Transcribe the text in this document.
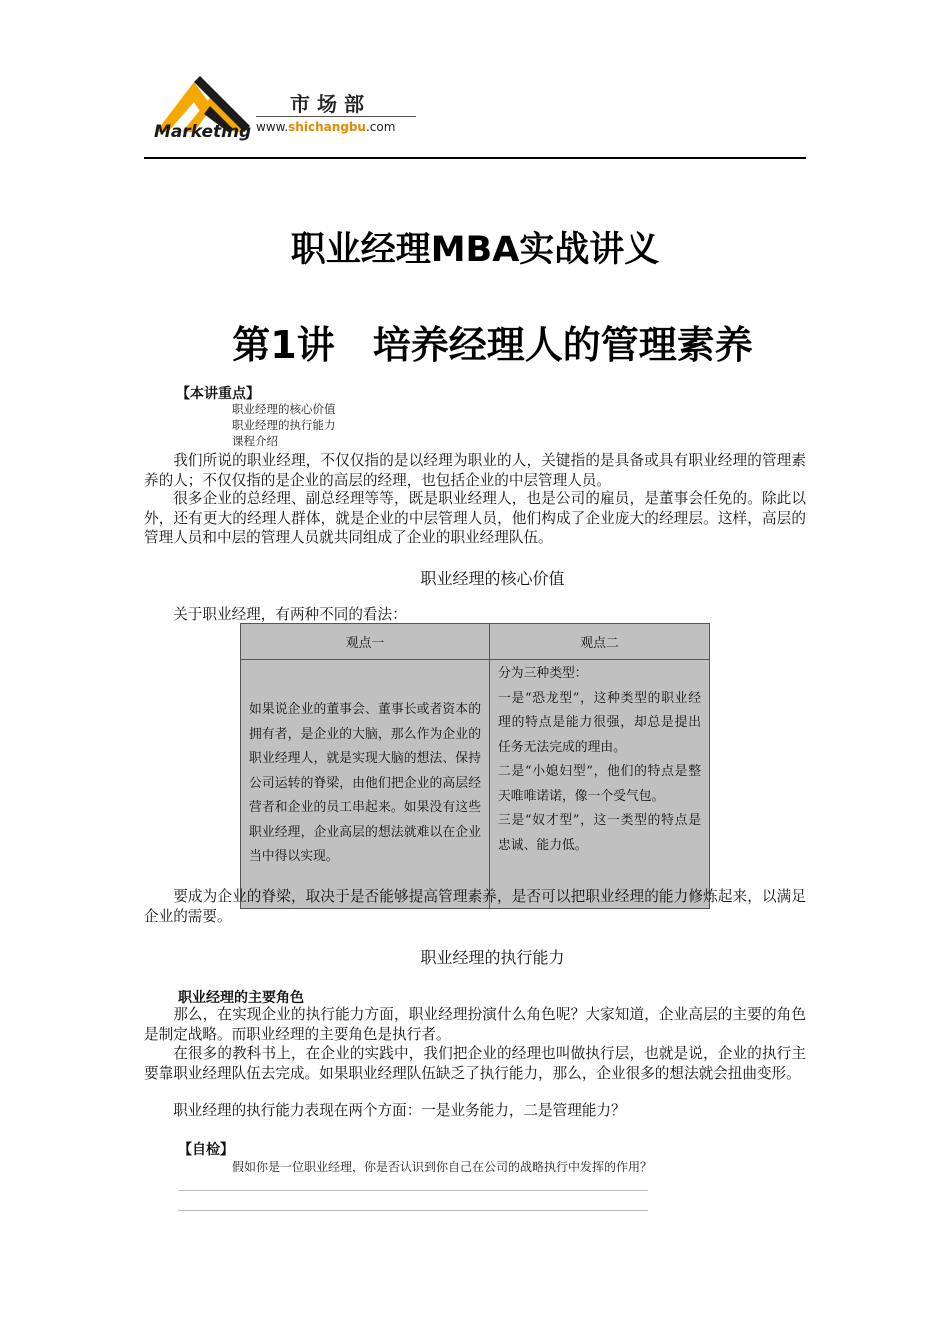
Marketing
市场部
www.shichangbu.com
职业经理MBA实战讲义
第1讲　培养经理人的管理素养
【本讲重点】
职业经理的核心价值
职业经理的执行能力
课程介绍

我们所说的职业经理，不仅仅指的是以经理为职业的人，关键指的是具备或具有职业经理的管理素养的人；不仅仅指的是企业的高层的经理，也包括企业的中层管理人员。

很多企业的总经理、副总经理等等，既是职业经理人，也是公司的雇员，是董事会任免的。除此以外，还有更大的经理人群体，就是企业的中层管理人员，他们构成了企业庞大的经理层。这样，高层的管理人员和中层的管理人员就共同组成了企业的职业经理队伍。

职业经理的核心价值

关于职业经理，有两种不同的看法：

观点一	观点二
如果说企业的董事会、董事长或者资本的拥有者，是企业的大脑，那么作为企业的职业经理人，就是实现大脑的想法、保持公司运转的脊梁，由他们把企业的高层经营者和企业的员工串起来。如果没有这些职业经理，企业高层的想法就难以在企业当中得以实现。	分为三种类型：
一是“恐龙型”，这种类型的职业经理的特点是能力很强，却总是提出任务无法完成的理由。
二是“小媳妇型”，他们的特点是整天唯唯诺诺，像一个受气包。
三是“奴才型”，这一类型的特点是忠诚、能力低。

要成为企业的脊梁，取决于是否能够提高管理素养，是否可以把职业经理的能力修炼起来，以满足企业的需要。

职业经理的执行能力
职业经理的主要角色

那么，在实现企业的执行能力方面，职业经理扮演什么角色呢？大家知道，企业高层的主要的角色是制定战略。而职业经理的主要角色是执行者。

在很多的教科书上，在企业的实践中，我们把企业的经理也叫做执行层，也就是说，企业的执行主要靠职业经理队伍去完成。如果职业经理队伍缺乏了执行能力，那么，企业很多的想法就会扭曲变形。

职业经理的执行能力表现在两个方面：一是业务能力，二是管理能力？

【自检】
假如你是一位职业经理，你是否认识到你自己在公司的战略执行中发挥的作用？
